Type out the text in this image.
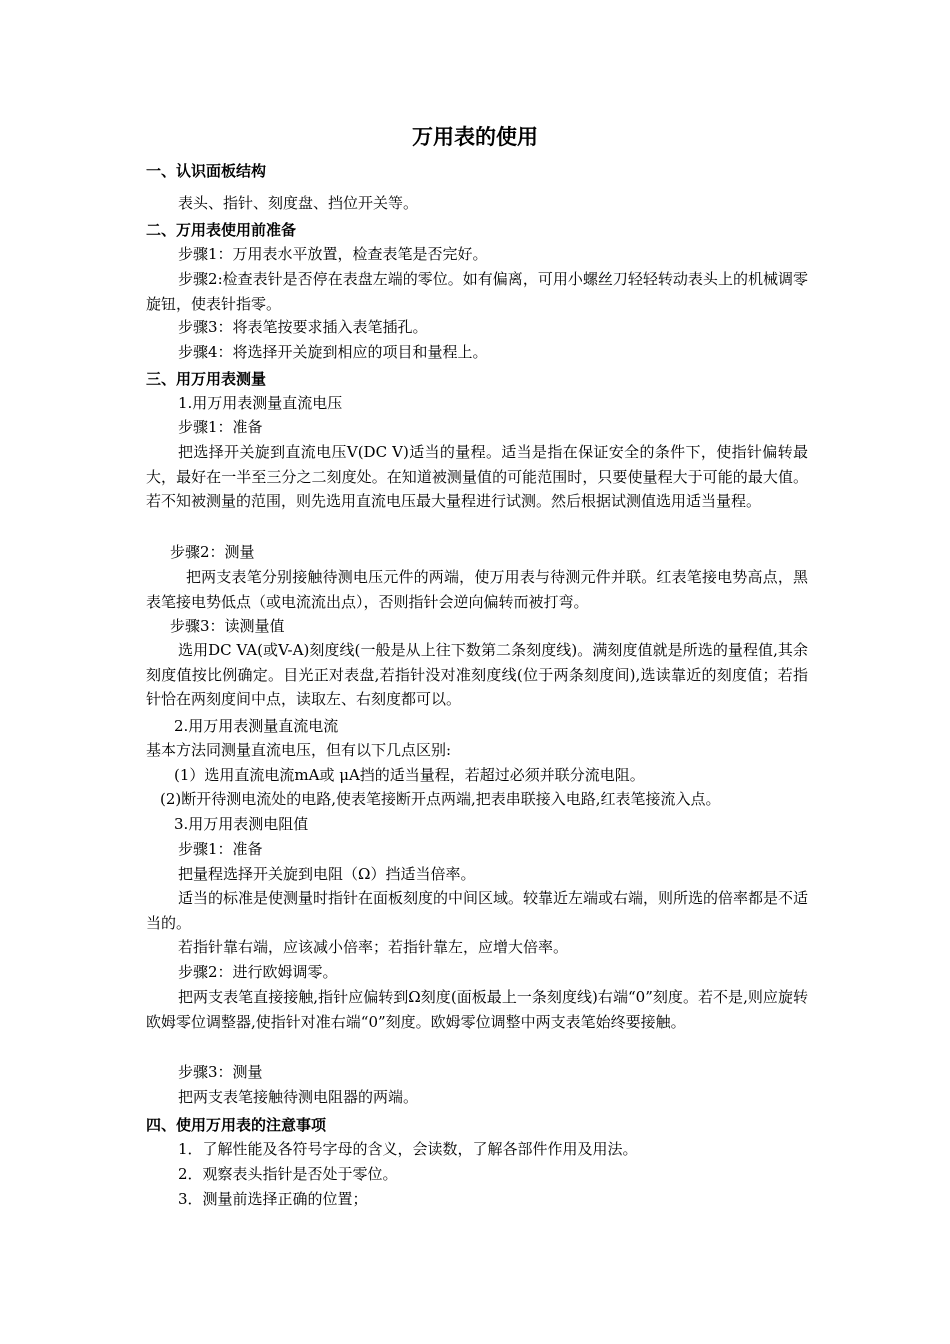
万用表的使用
一、认识面板结构
表头、指针、刻度盘、挡位开关等。
二、万用表使用前准备
步骤1：万用表水平放置，检查表笔是否完好。
步骤2:检查表针是否停在表盘左端的零位。如有偏离，可用小螺丝刀轻轻转动表头上的机械调零旋钮，使表针指零。
步骤3：将表笔按要求插入表笔插孔。
步骤4：将选择开关旋到相应的项目和量程上。
三、用万用表测量
1.用万用表测量直流电压
步骤1：准备
把选择开关旋到直流电压V(DC V)适当的量程。适当是指在保证安全的条件下，使指针偏转最大，最好在一半至三分之二刻度处。在知道被测量值的可能范围时，只要使量程大于可能的最大值。若不知被测量的范围，则先选用直流电压最大量程进行试测。然后根据试测值选用适当量程。
步骤2：测量
把两支表笔分别接触待测电压元件的两端，使万用表与待测元件并联。红表笔接电势高点，黑表笔接电势低点（或电流流出点），否则指针会逆向偏转而被打弯。
步骤3：读测量值
选用DC VA(或V-A)刻度线(一般是从上往下数第二条刻度线)。满刻度值就是所选的量程值,其余刻度值按比例确定。目光正对表盘,若指针没对准刻度线(位于两条刻度间),选读靠近的刻度值；若指针恰在两刻度间中点，读取左、右刻度都可以。
2.用万用表测量直流电流
基本方法同测量直流电压，但有以下几点区别:
(1）选用直流电流mA或 μA挡的适当量程，若超过必须并联分流电阻。
(2)断开待测电流处的电路,使表笔接断开点两端,把表串联接入电路,红表笔接流入点。
3.用万用表测电阻值
步骤1：准备
把量程选择开关旋到电阻（Ω）挡适当倍率。
适当的标准是使测量时指针在面板刻度的中间区域。较靠近左端或右端，则所选的倍率都是不适当的。
若指针靠右端，应该减小倍率；若指针靠左，应增大倍率。
步骤2：进行欧姆调零。
把两支表笔直接接触,指针应偏转到Ω刻度(面板最上一条刻度线)右端“0”刻度。若不是,则应旋转欧姆零位调整器,使指针对准右端“0”刻度。欧姆零位调整中两支表笔始终要接触。
步骤3：测量
把两支表笔接触待测电阻器的两端。
四、使用万用表的注意事项
1．了解性能及各符号字母的含义，会读数，了解各部件作用及用法。
2．观察表头指针是否处于零位。
3．测量前选择正确的位置；
